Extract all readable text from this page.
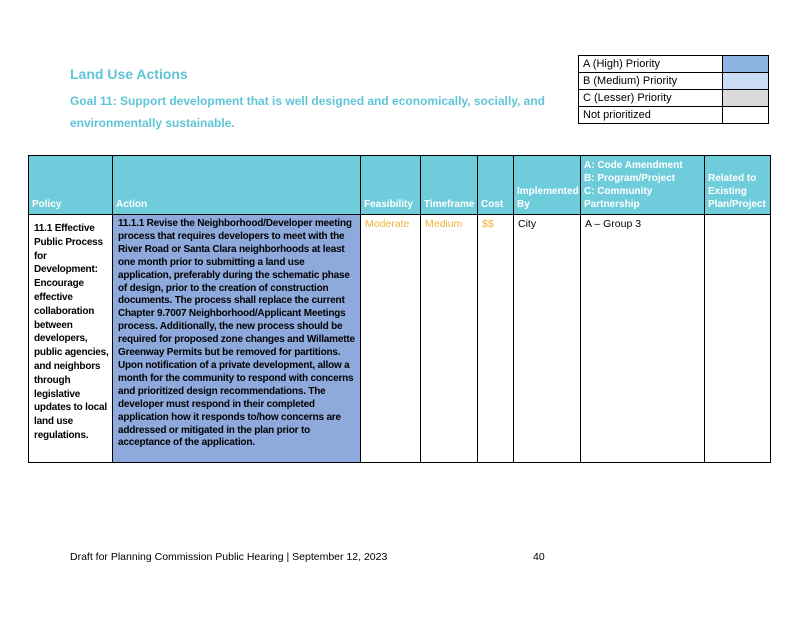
Land Use Actions
Goal 11: Support development that is well designed and economically, socially, and
environmentally sustainable.
A (High) Priority	
B (Medium) Priority	
C (Lesser) Priority	
Not prioritized	
Policy	Action	Feasibility	Timeframe	Cost	Implemented By	A: Code Amendment
B: Program/Project
C: Community Partnership	Related to
Existing
Plan/Project

11.1 Effective Public Process for Development: Encourage effective collaboration between developers, public agencies, and neighbors through legislative updates to local land use regulations.	11.1.1 Revise the Neighborhood/Developer meeting process that requires developers to meet with the River Road or Santa Clara neighborhoods at least one month prior to submitting a land use application, preferably during the schematic phase of design, prior to the creation of construction documents. The process shall replace the current Chapter 9.7007 Neighborhood/Applicant Meetings process. Additionally, the new process should be required for proposed zone changes and Willamette Greenway Permits but be removed for partitions. Upon notification of a private development, allow a month for the community to respond with concerns and prioritized design recommendations. The developer must respond in their completed application how it responds to/how concerns are addressed or mitigated in the plan prior to acceptance of the application.	Moderate	Medium	$$	City	A – Group 3	
Draft for Planning Commission Public Hearing | September 12, 2023	40
